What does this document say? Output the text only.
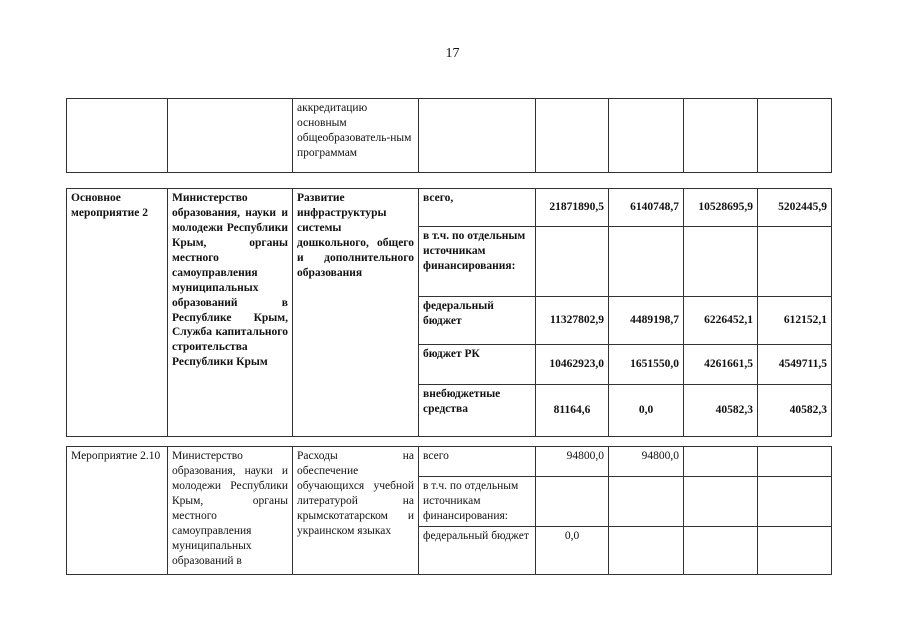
17
		аккредитацию основным общеобразователь-ным программам					
Основное мероприятие 2	Министерство образования, науки и молодежи Республики Крым, органы местного самоуправления муниципальных образований в Республике Крым, Служба капитального строительства Республики Крым	Развитие инфраструктуры системы дошкольного, общего и дополнительного образования	всего,	21871890,5	6140748,7	10528695,9	5202445,9
			в т.ч. по отдельным источникам финансирования:				
			федеральный бюджет	11327802,9	4489198,7	6226452,1	612152,1
			бюджет РК	10462923,0	1651550,0	4261661,5	4549711,5
			внебюджетные средства	81164,6	0,0	40582,3	40582,3
Мероприятие 2.10	Министерство образования, науки и молодежи Республики Крым, органы местного самоуправления муниципальных образований в	Расходы на обеспечение обучающихся учебной литературой на крымскотатарском и украинском языках	всего	94800,0	94800,0		
			в т.ч. по отдельным источникам финансирования:				
			федеральный бюджет	0,0			
